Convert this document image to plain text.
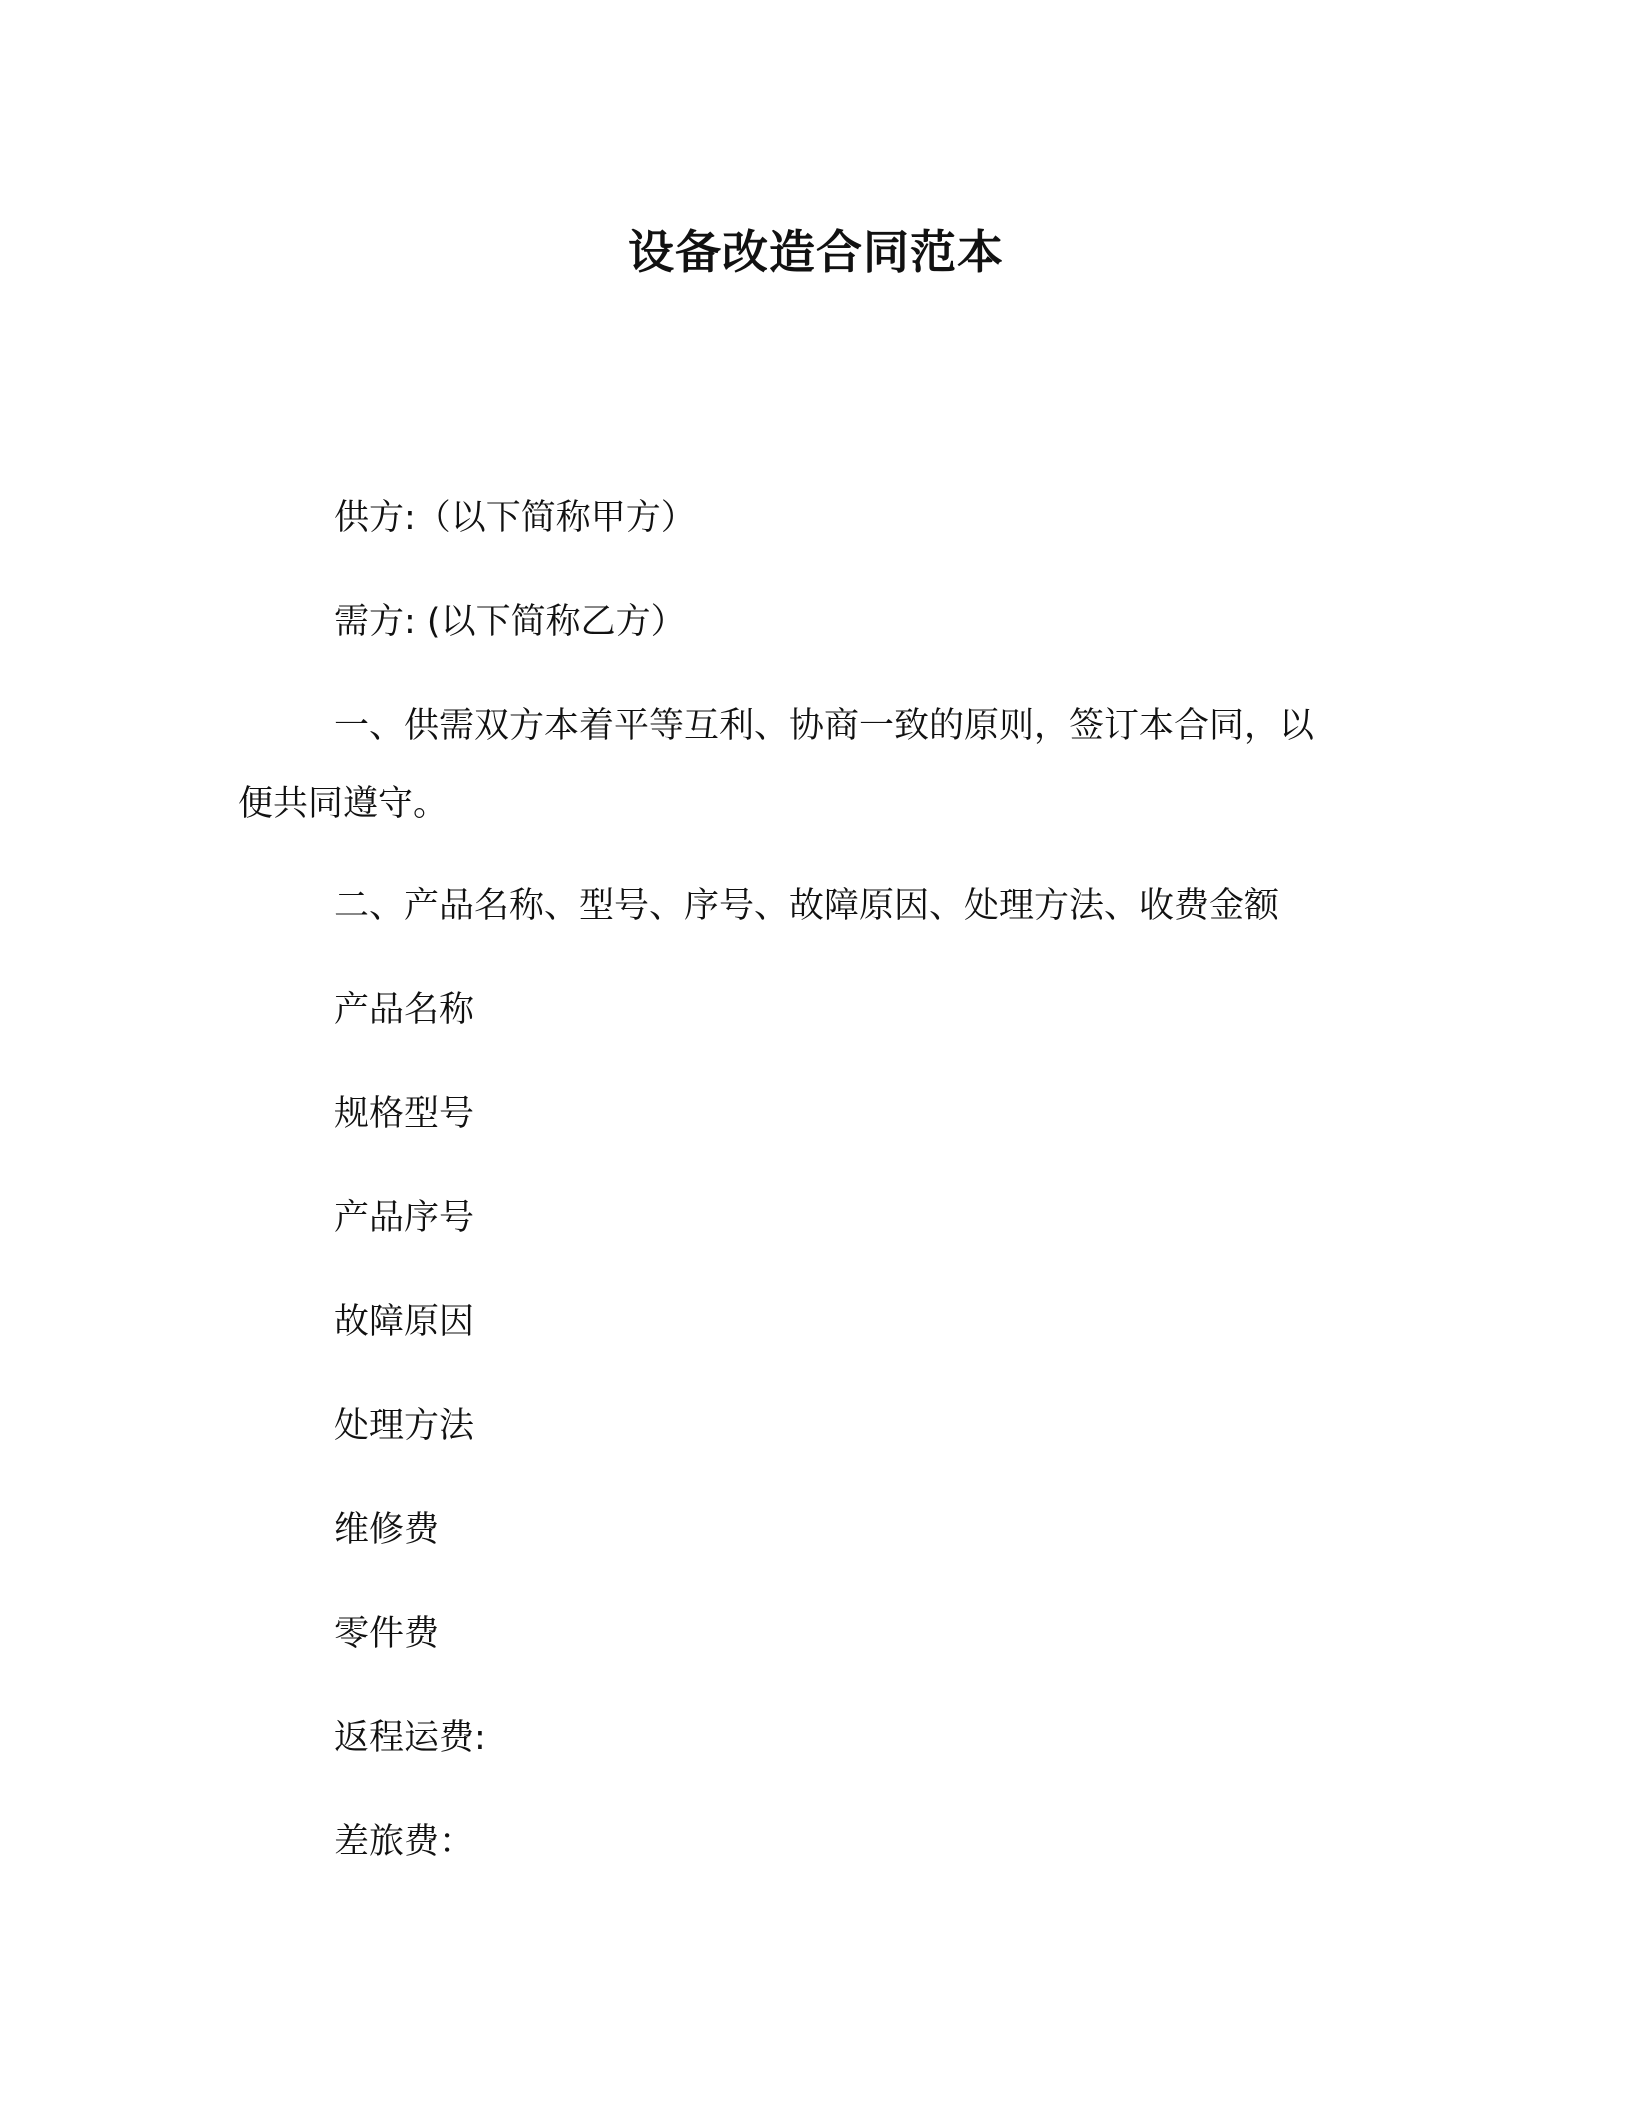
设备改造合同范本
供方:（以下简称甲方）
需方: (以下简称乙方）
一、供需双方本着平等互利、协商一致的原则，签订本合同，以
便共同遵守。
二、产品名称、型号、序号、故障原因、处理方法、收费金额
产品名称
规格型号
产品序号
故障原因
处理方法
维修费
零件费
返程运费:
差旅费：
